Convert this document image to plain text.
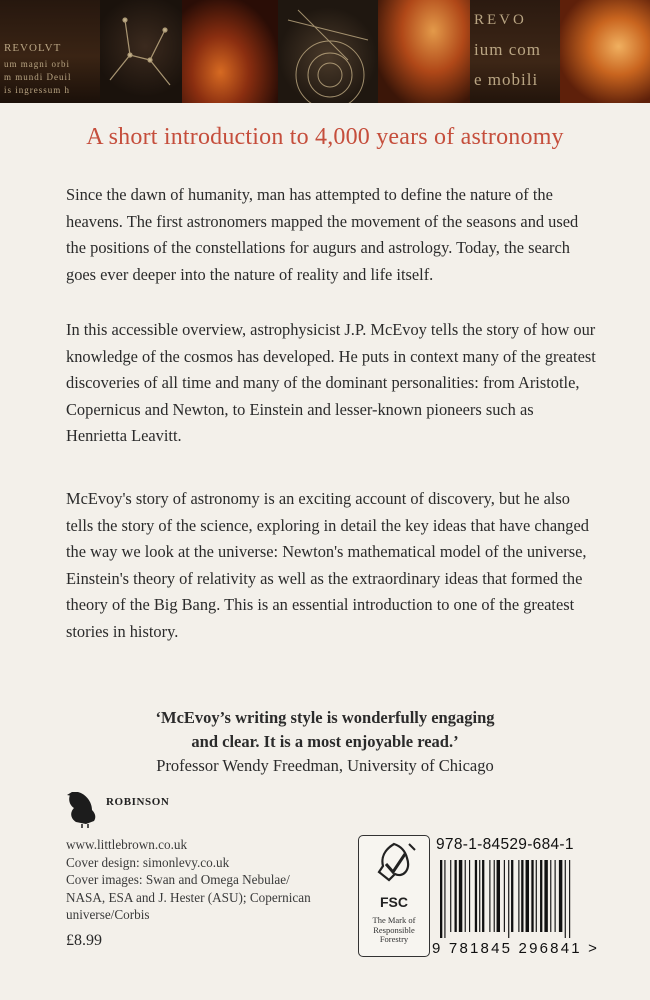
REVOLVT
um magni orbi
m mundi Deuil
is ingressum h
REVO
ium com
e mobili
A short introduction to 4,000 years of astronomy

Since the dawn of humanity, man has attempted to define the nature of the heavens. The first astronomers mapped the movement of the seasons and used the positions of the constellations for augurs and astrology. Today, the search goes ever deeper into the nature of reality and life itself.

In this accessible overview, astrophysicist J.P. McEvoy tells the story of how our knowledge of the cosmos has developed. He puts in context many of the greatest discoveries of all time and many of the dominant personalities: from Aristotle, Copernicus and Newton, to Einstein and lesser-known pioneers such as Henrietta Leavitt.

McEvoy's story of astronomy is an exciting account of discovery, but he also tells the story of the science, exploring in detail the key ideas that have changed the way we look at the universe: Newton's mathematical model of the universe, Einstein's theory of relativity as well as the extraordinary ideas that formed the theory of the Big Bang. This is an essential introduction to one of the greatest stories in history.

‘McEvoy’s writing style is wonderfully engaging
and clear. It is a most enjoyable read.’
Professor Wendy Freedman, University of Chicago
ROBINSON
www.littlebrown.co.uk
Cover design: simonlevy.co.uk
Cover images: Swan and Omega Nebulae/
NASA, ESA and J. Hester (ASU); Copernican
universe/Corbis
£8.99
FSC
The Mark of
Responsible
Forestry
978-1-84529-684-1
9 781845 296841 >
